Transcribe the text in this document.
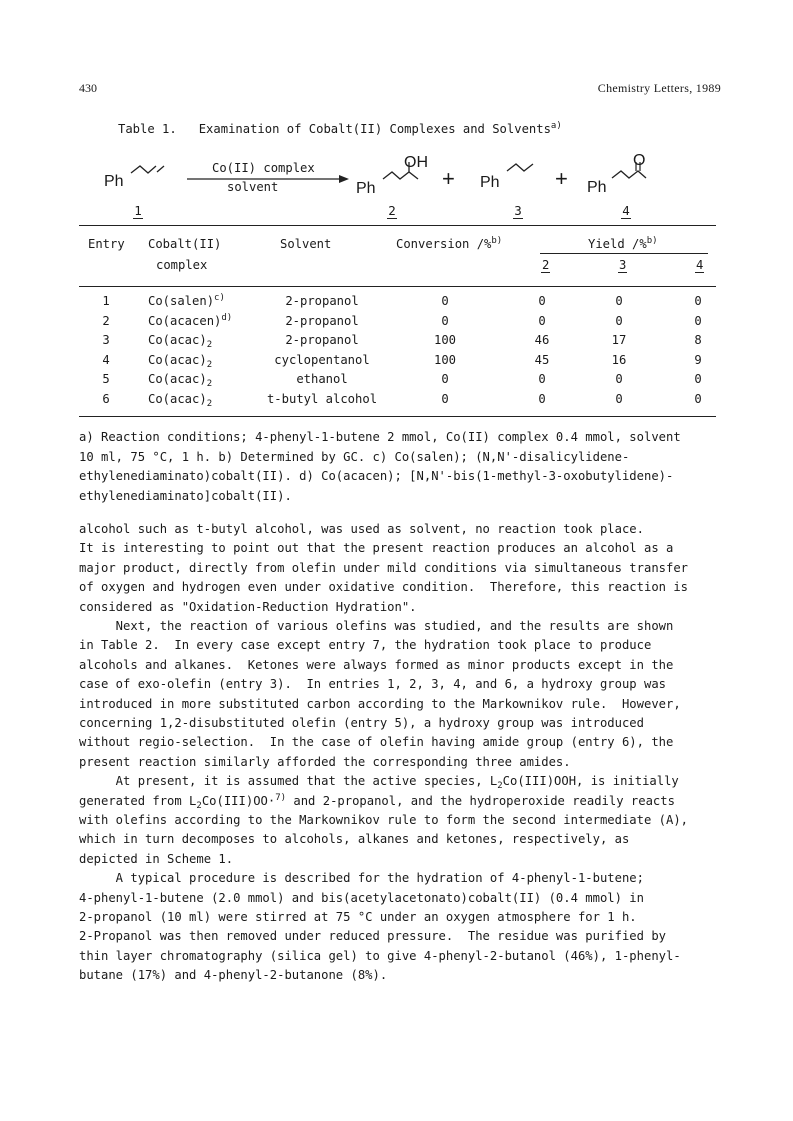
430	Chemistry Letters, 1989
Table 1. Examination of Cobalt(II) Complexes and Solvents$^{a)}$
Ph
Co(II) complex
solvent
OH
Ph	+ Ph	+
O
Ph
1	2	3	4
Entry Cobalt(II)
complex
Solvent	Conversion /%$^{b)}$	Yield /%$^{b)}$
2	3	4
1	Co(salen)$^{c)}$	2-propanol	0	0	0	0
2	Co(acacen)$^{d)}$	2-propanol	0	0	0	0
3	$Co(acac)_2$	2-propanol	100	46	17	8
4	$Co(acac)_2$	cyclopentanol	100	45	16	9
5	$Co(acac)_2$	ethanol	0	0	0	0
6	$Co(acac)_2$	t-butyl alcohol	0	0	0	0
a) Reaction conditions; 4-phenyl-1-butene 2 mmol, Co(II) complex 0.4 mmol, solvent
10 ml, 75 °C, 1 h. b) Determined by GC. c) Co(salen); (N,N'-disalicylidene-
ethylenediaminato)cobalt(II). d) Co(acacen); [N,N'-bis(1-methyl-3-oxobutylidene)-
ethylenediaminato]cobalt(II).
alcohol such as t-butyl alcohol, was used as solvent, no reaction took place.
It is interesting to point out that the present reaction produces an alcohol as a
major product, directly from olefin under mild conditions via simultaneous transfer
of oxygen and hydrogen even under oxidative condition.  Therefore, this reaction is
considered as "Oxidation-Reduction Hydration".
Next, the reaction of various olefins was studied, and the results are shown
in Table 2.  In every case except entry 7, the hydration took place to produce
alcohols and alkanes.  Ketones were always formed as minor products except in the
case of exo-olefin (entry 3).  In entries 1, 2, 3, 4, and 6, a hydroxy group was
introduced in more substituted carbon according to the Markownikov rule.  However,
concerning 1,2-disubstituted olefin (entry 5), a hydroxy group was introduced
without regio-selection.  In the case of olefin having amide group (entry 6), the
present reaction similarly afforded the corresponding three amides.
At present, it is assumed that the active species, $L_2Co(III)OOH$, is initially
generated from $L_2Co(III)OO\cdot^{7)}$ and 2-propanol, and the hydroperoxide readily reacts
with olefins according to the Markownikov rule to form the second intermediate (A),
which in turn decomposes to alcohols, alkanes and ketones, respectively, as
depicted in Scheme 1.
A typical procedure is described for the hydration of 4-phenyl-1-butene;
4-phenyl-1-butene (2.0 mmol) and bis(acetylacetonato)cobalt(II) (0.4 mmol) in
2-propanol (10 ml) were stirred at 75 °C under an oxygen atmosphere for 1 h.
2-Propanol was then removed under reduced pressure.  The residue was purified by
thin layer chromatography (silica gel) to give 4-phenyl-2-butanol (46%), 1-phenyl-
butane (17%) and 4-phenyl-2-butanone (8%).
